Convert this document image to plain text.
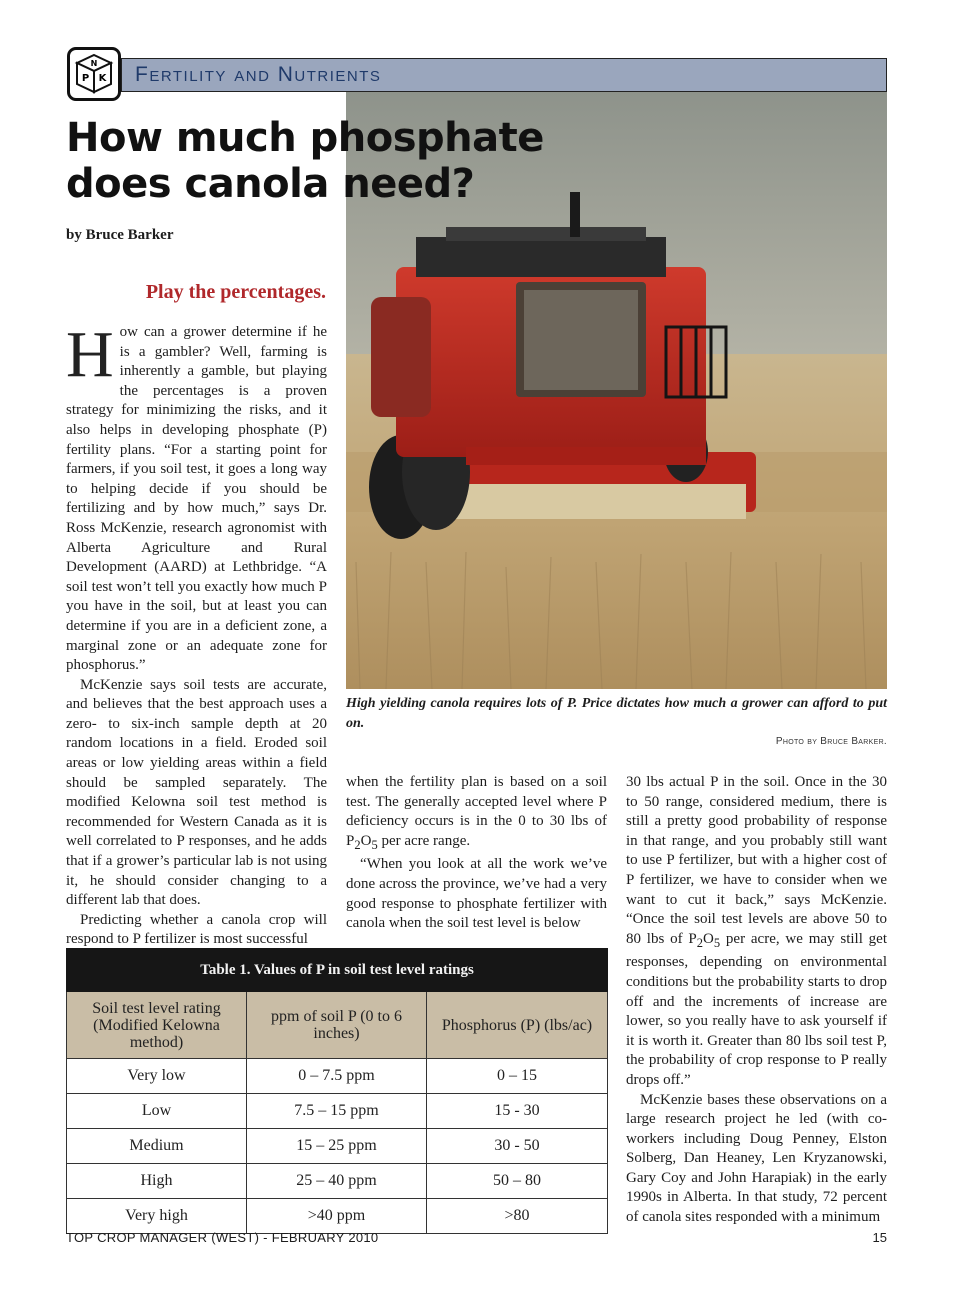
N
P K Fertility and Nutrients
How much phosphate
does canola need?
by Bruce Barker
Play the percentages.

How can a grower determine if he is a gambler? Well, farming is inherently a gamble, but playing the percentages is a proven strategy for minimizing the risks, and it also helps in developing phosphate (P) fertility plans. “For a starting point for farmers, if you soil test, it goes a long way to helping decide if you should be fertilizing and by how much,” says Dr. Ross McKenzie, research agronomist with Alberta Agriculture and Rural Development (AARD) at Lethbridge. “A soil test won’t tell you exactly how much P you have in the soil, but at least you can determine if you are in a deficient zone, a marginal zone or an adequate zone for phosphorus.”

McKenzie says soil tests are accurate, and believes that the best approach uses a zero- to six-inch sample depth at 20 random locations in a field. Eroded soil areas or low yielding areas within a field should be sampled separately. The modified Kelowna soil test method is recommended for Western Canada as it is well correlated to P responses, and he adds that if a grower’s particular lab is not using it, he should consider changing to a different lab that does.

Predicting whether a canola crop will respond to P fertilizer is most successful

High yielding canola requires lots of P. Price dictates how much a grower can afford to put on.
Photo by Bruce Barker.

when the fertility plan is based on a soil test. The generally accepted level where P deficiency occurs is in the 0 to 30 lbs of $P_2O_5$ per acre range.

“When you look at all the work we’ve done across the province, we’ve had a very good response to phosphate fertilizer with canola when the soil test level is below

30 lbs actual P in the soil. Once in the 30 to 50 range, considered medium, there is still a pretty good probability of response in that range, and you probably still want to use P fertilizer, but with a higher cost of P fertilizer, we have to consider when we want to cut it back,” says McKenzie. “Once the soil test levels are above 50 to 80 lbs of $P_2O_5$ per acre, we may still get responses, depending on environmental conditions but the probability starts to drop off and the increments of increase are lower, so you really have to ask yourself if it is worth it. Greater than 80 lbs soil test P, the probability of crop response to P really drops off.”

McKenzie bases these observations on a large research project he led (with co-workers including Doug Penney, Elston Solberg, Dan Heaney, Len Kryzanowski, Gary Coy and John Harapiak) in the early 1990s in Alberta. In that study, 72 percent of canola sites responded with a minimum

Table 1. Values of P in soil test level ratings		
Soil test level rating (Modified Kelowna method)	ppm of soil P (0 to 6 inches)	Phosphorus (P) (lbs/ac)
Very low	0 – 7.5 ppm	0 – 15
Low	7.5 – 15 ppm	15 - 30
Medium	15 – 25 ppm	30 - 50
High	25 – 40 ppm	50 – 80
Very high	>40 ppm	>80
TOP CROP MANAGER (WEST) - FEBRUARY 2010	15
